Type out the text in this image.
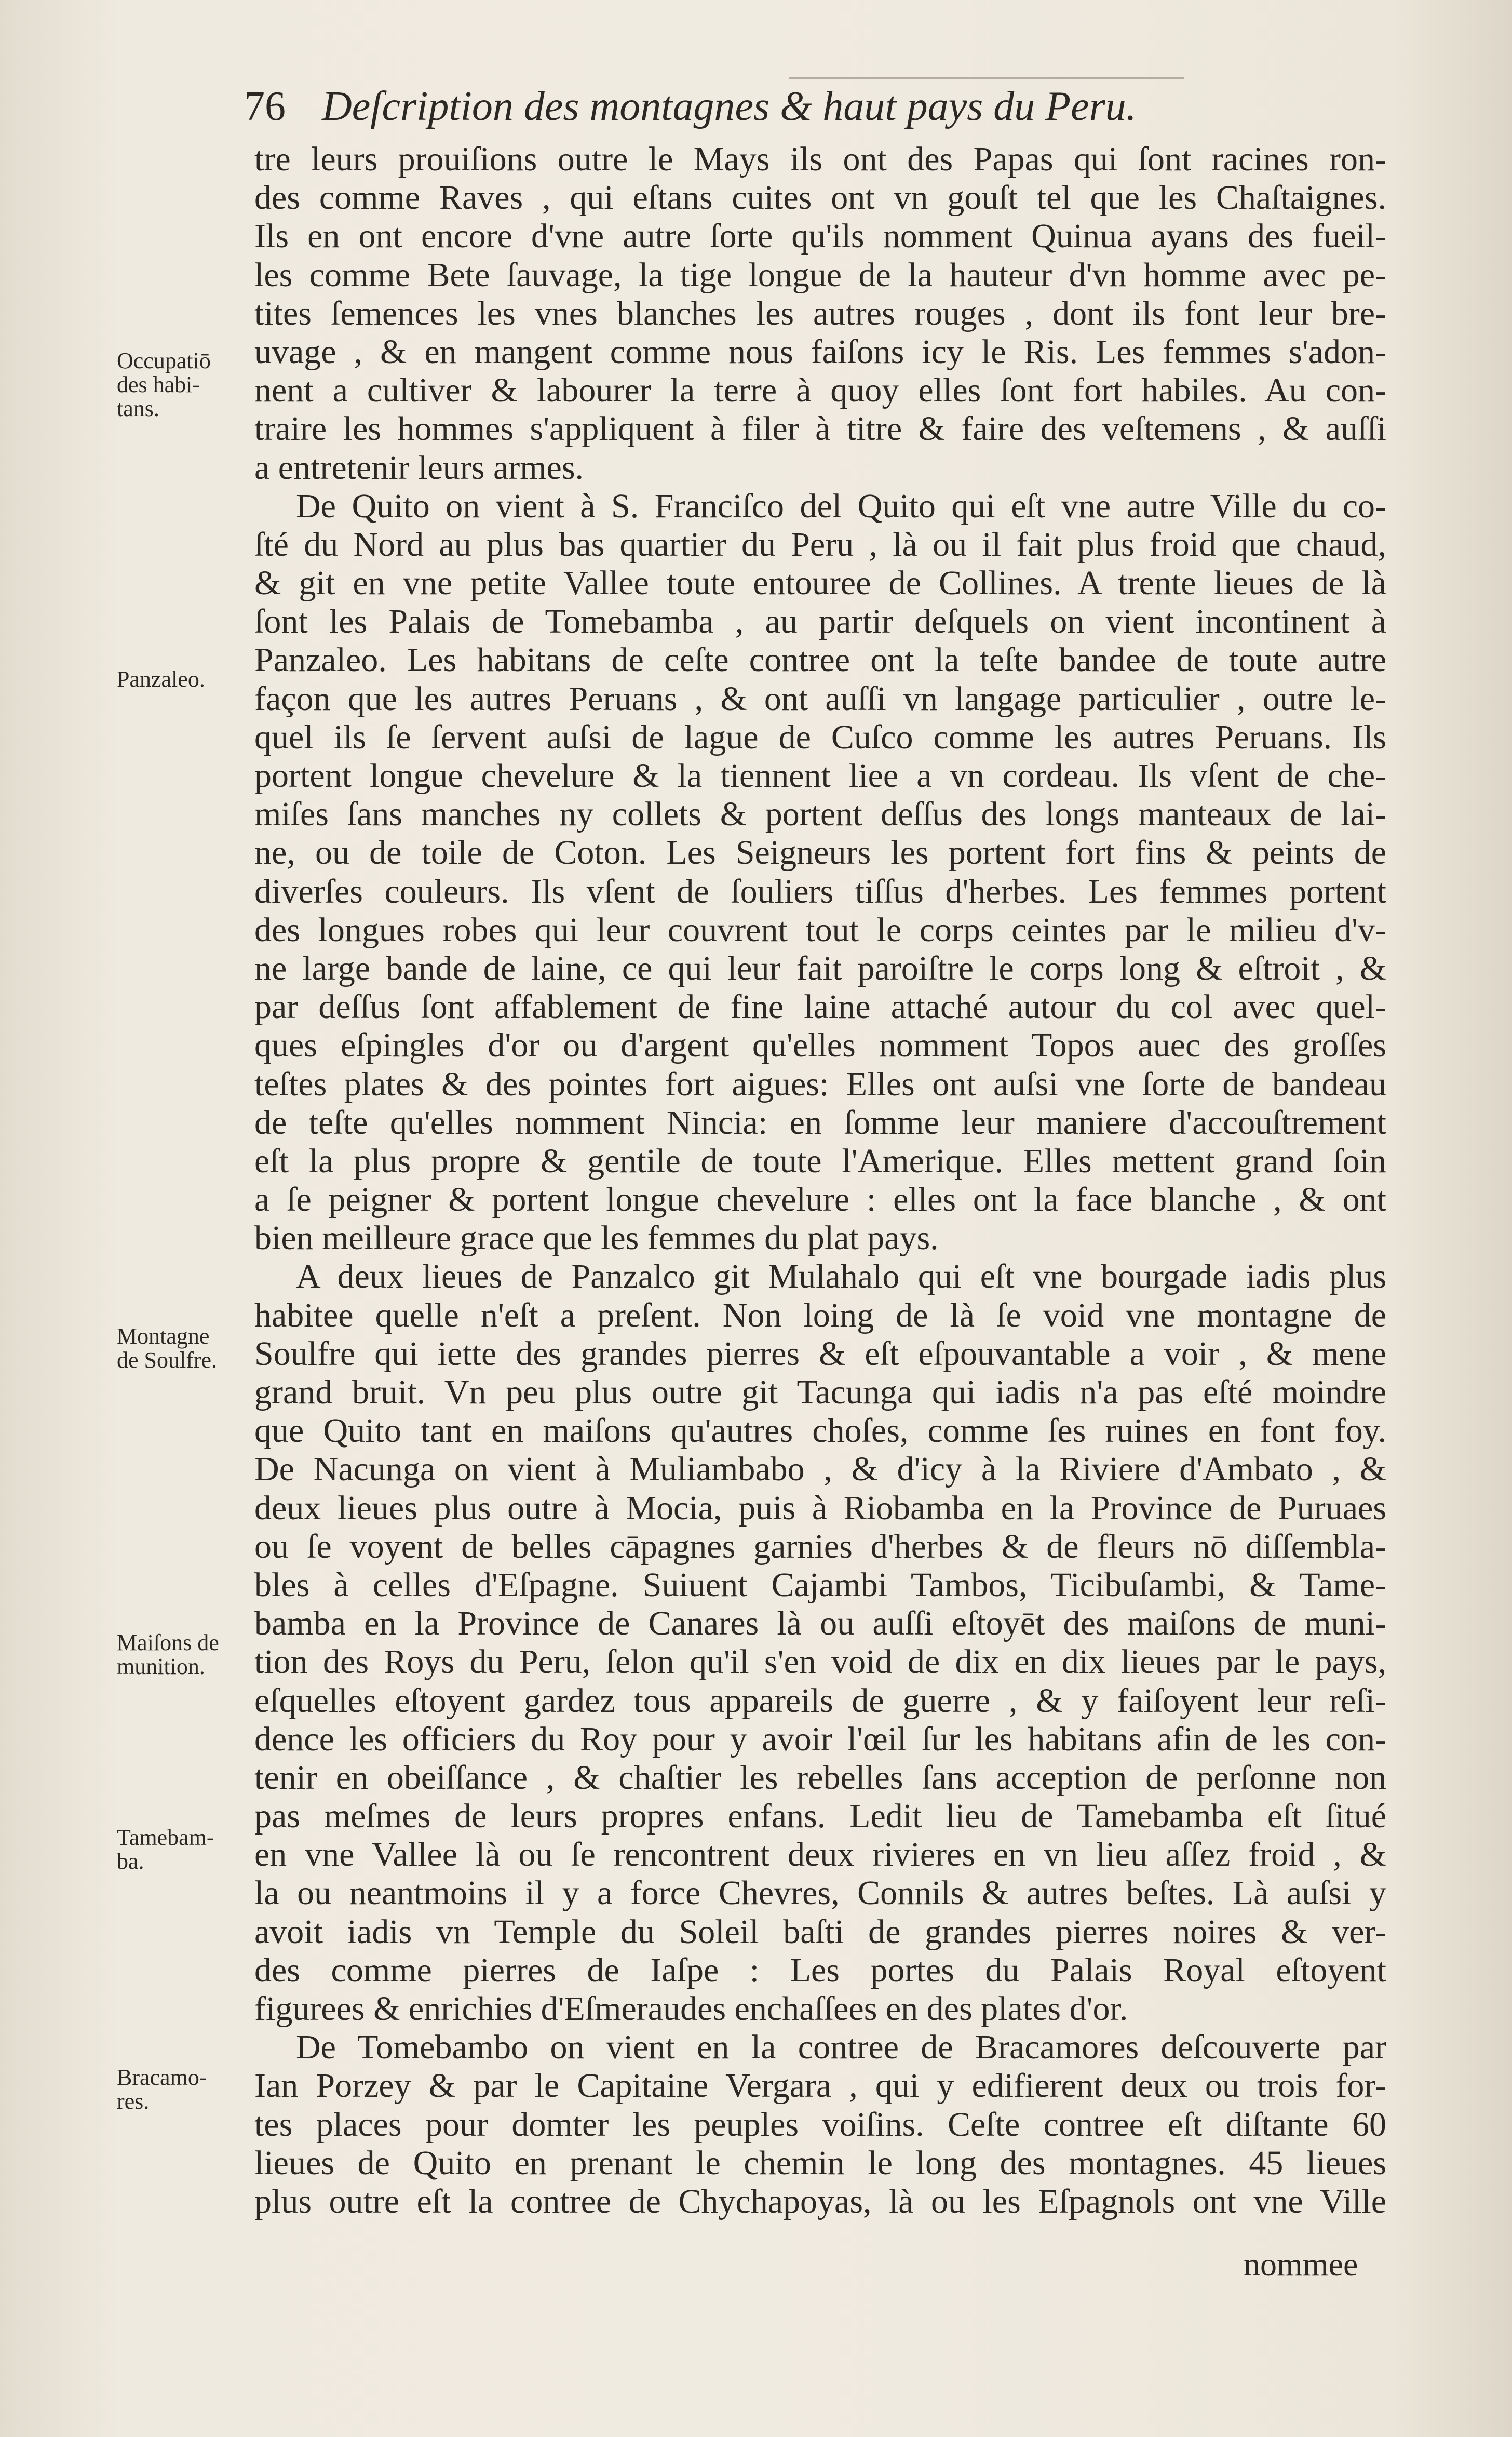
76 Deſcription des montagnes & haut pays du Peru.
tre leurs prouiſions outre le Mays ils ont des Papas qui ſont racines ron-
des comme Raves , qui eſtans cuites ont vn gouſt tel que les Chaſtaignes.
Ils en ont encore d'vne autre ſorte qu'ils nomment Quinua ayans des fueil-
les comme Bete ſauvage, la tige longue de la hauteur d'vn homme avec pe-
tites ſemences les vnes blanches les autres rouges , dont ils font leur bre-
uvage , & en mangent comme nous faiſons icy le Ris. Les femmes s'adon-
nent a cultiver & labourer la terre à quoy elles ſont fort habiles. Au con-
traire les hommes s'appliquent à filer à titre & faire des veſtemens , & auſſi
a entretenir leurs armes.
De Quito on vient à S. Franciſco del Quito qui eſt vne autre Ville du co-
ſté du Nord au plus bas quartier du Peru , là ou il fait plus froid que chaud,
& git en vne petite Vallee toute entouree de Collines. A trente lieues de là
ſont les Palais de Tomebamba , au partir deſquels on vient incontinent à
Panzaleo. Les habitans de ceſte contree ont la teſte bandee de toute autre
façon que les autres Peruans , & ont auſſi vn langage particulier , outre le-
quel ils ſe ſervent auſsi de lague de Cuſco comme les autres Peruans. Ils
portent longue chevelure & la tiennent liee a vn cordeau. Ils vſent de che-
miſes ſans manches ny collets & portent deſſus des longs manteaux de lai-
ne, ou de toile de Coton. Les Seigneurs les portent fort fins & peints de
diverſes couleurs. Ils vſent de ſouliers tiſſus d'herbes. Les femmes portent
des longues robes qui leur couvrent tout le corps ceintes par le milieu d'v-
ne large bande de laine, ce qui leur fait paroiſtre le corps long & eſtroit , &
par deſſus ſont affablement de fine laine attaché autour du col avec quel-
ques eſpingles d'or ou d'argent qu'elles nomment Topos auec des groſſes
teſtes plates & des pointes fort aigues: Elles ont auſsi vne ſorte de bandeau
de teſte qu'elles nomment Nincia: en ſomme leur maniere d'accouſtrement
eſt la plus propre & gentile de toute l'Amerique. Elles mettent grand ſoin
a ſe peigner & portent longue chevelure : elles ont la face blanche , & ont
bien meilleure grace que les femmes du plat pays.
A deux lieues de Panzalco git Mulahalo qui eſt vne bourgade iadis plus
habitee quelle n'eſt a preſent. Non loing de là ſe void vne montagne de
Soulfre qui iette des grandes pierres & eſt eſpouvantable a voir , & mene
grand bruit. Vn peu plus outre git Tacunga qui iadis n'a pas eſté moindre
que Quito tant en maiſons qu'autres choſes, comme ſes ruines en font foy.
De Nacunga on vient à Muliambabo , & d'icy à la Riviere d'Ambato , &
deux lieues plus outre à Mocia, puis à Riobamba en la Province de Puruaes
ou ſe voyent de belles cāpagnes garnies d'herbes & de fleurs nō diſſembla-
bles à celles d'Eſpagne. Suiuent Cajambi Tambos, Ticibuſambi, & Tame-
bamba en la Province de Canares là ou auſſi eſtoyēt des maiſons de muni-
tion des Roys du Peru, ſelon qu'il s'en void de dix en dix lieues par le pays,
eſquelles eſtoyent gardez tous appareils de guerre , & y faiſoyent leur reſi-
dence les officiers du Roy pour y avoir l'œil ſur les habitans afin de les con-
tenir en obeiſſance , & chaſtier les rebelles ſans acception de perſonne non
pas meſmes de leurs propres enfans. Ledit lieu de Tamebamba eſt ſitué
en vne Vallee là ou ſe rencontrent deux rivieres en vn lieu aſſez froid , &
la ou neantmoins il y a force Chevres, Connils & autres beſtes. Là auſsi y
avoit iadis vn Temple du Soleil baſti de grandes pierres noires & ver-
des comme pierres de Iaſpe : Les portes du Palais Royal eſtoyent
figurees & enrichies d'Eſmeraudes enchaſſees en des plates d'or.
De Tomebambo on vient en la contree de Bracamores deſcouverte par
Ian Porzey & par le Capitaine Vergara , qui y edifierent deux ou trois for-
tes places pour domter les peuples voiſins. Ceſte contree eſt diſtante 60
lieues de Quito en prenant le chemin le long des montagnes. 45 lieues
plus outre eſt la contree de Chychapoyas, là ou les Eſpagnols ont vne Ville
nommee
Occupatiō
des habi-
tans.
Panzaleo.
Montagne
de Soulfre.
Maiſons de
munition.
Tamebam-
ba.
Bracamo-
res.
